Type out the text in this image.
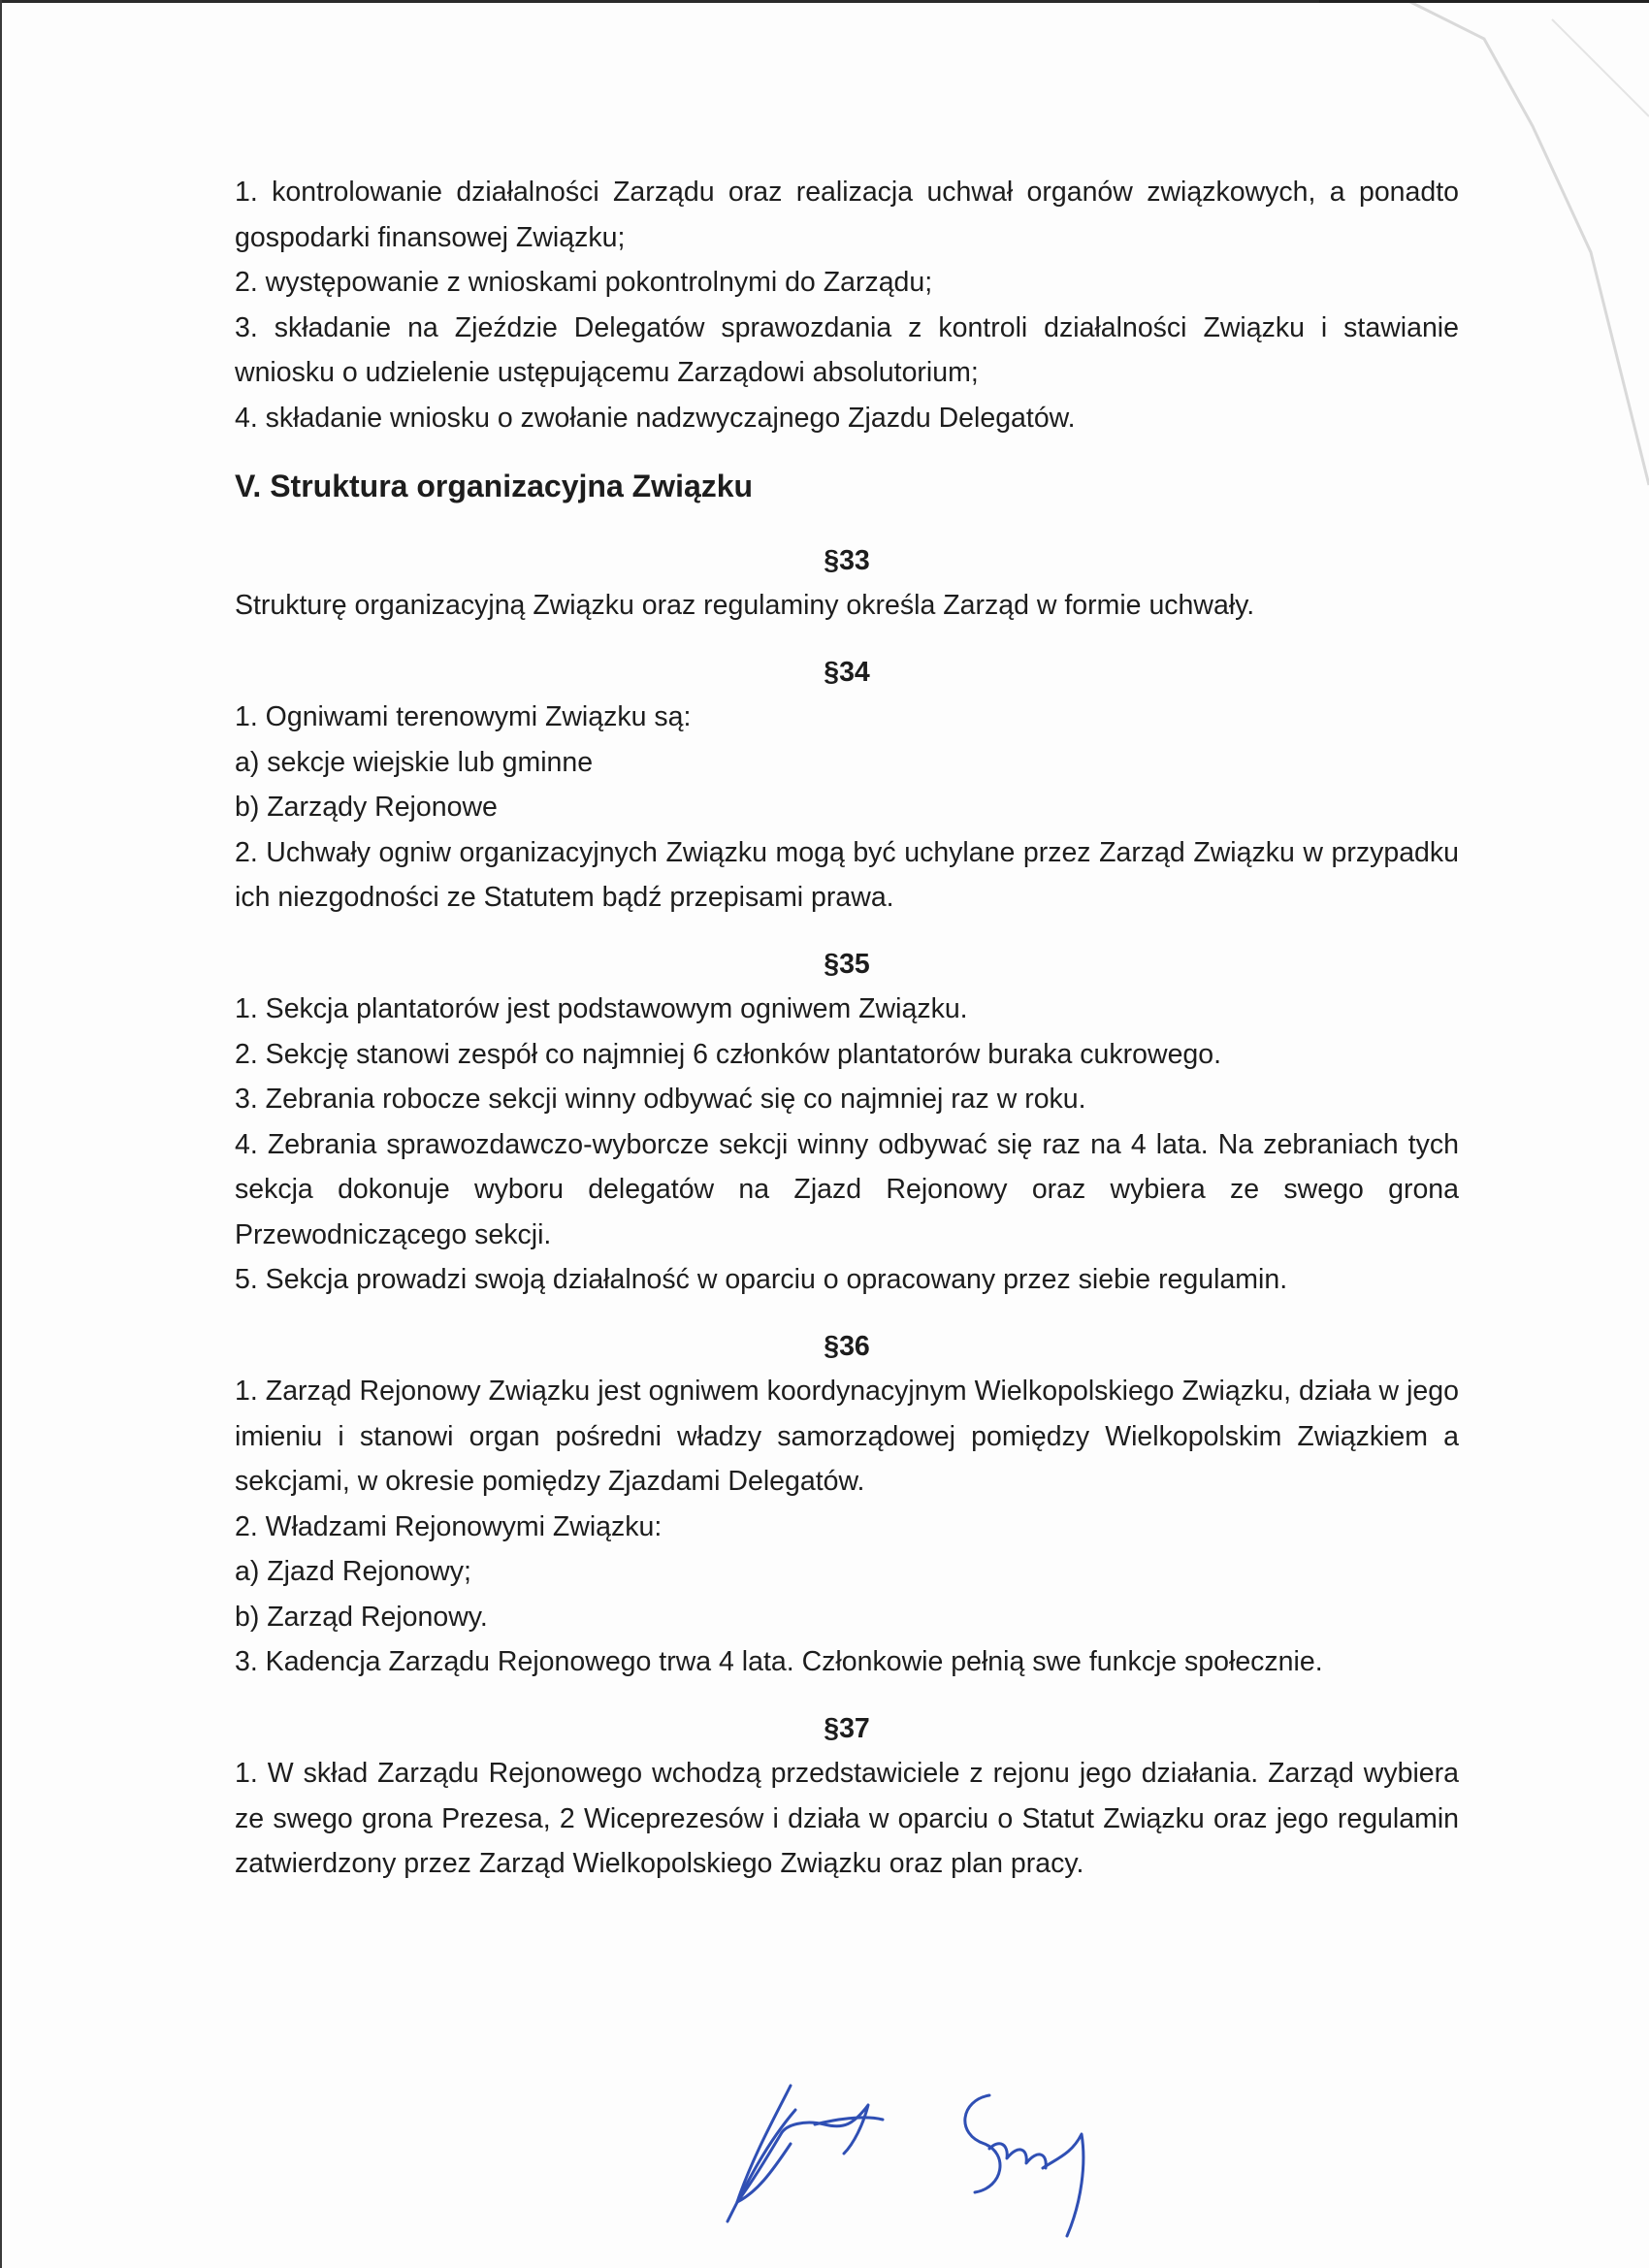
1. kontrolowanie działalności Zarządu oraz realizacja uchwał organów związkowych, a ponadto gospodarki finansowej Związku;

2. występowanie z wnioskami pokontrolnymi do Zarządu;

3. składanie na Zjeździe Delegatów sprawozdania z kontroli działalności Związku i stawianie wniosku o udzielenie ustępującemu Zarządowi absolutorium;

4. składanie wniosku o zwołanie nadzwyczajnego Zjazdu Delegatów.

V. Struktura organizacyjna Związku
§33

Strukturę organizacyjną Związku oraz regulaminy określa Zarząd w formie uchwały.

§34

1. Ogniwami terenowymi Związku są:

a) sekcje wiejskie lub gminne

b) Zarządy Rejonowe

2. Uchwały ogniw organizacyjnych Związku mogą być uchylane przez Zarząd Związku w przypadku ich niezgodności ze Statutem bądź przepisami prawa.

§35

1. Sekcja plantatorów jest podstawowym ogniwem Związku.

2. Sekcję stanowi zespół co najmniej 6 członków plantatorów buraka cukrowego.

3. Zebrania robocze sekcji winny odbywać się co najmniej raz w roku.

4. Zebrania sprawozdawczo-wyborcze sekcji winny odbywać się raz na 4 lata. Na zebraniach tych sekcja dokonuje wyboru delegatów na Zjazd Rejonowy oraz wybiera ze swego grona Przewodniczącego sekcji.

5. Sekcja prowadzi swoją działalność w oparciu o opracowany przez siebie regulamin.

§36

1. Zarząd Rejonowy Związku jest ogniwem koordynacyjnym Wielkopolskiego Związku, działa w jego imieniu i stanowi organ pośredni władzy samorządowej pomiędzy Wielkopolskim Związkiem a sekcjami, w okresie pomiędzy Zjazdami Delegatów.

2. Władzami Rejonowymi Związku:

a) Zjazd Rejonowy;

b) Zarząd Rejonowy.

3. Kadencja Zarządu Rejonowego trwa 4 lata. Członkowie pełnią swe funkcje społecznie.

§37

1. W skład Zarządu Rejonowego wchodzą przedstawiciele z rejonu jego działania. Zarząd wybiera ze swego grona Prezesa, 2 Wiceprezesów i działa w oparciu o Statut Związku oraz jego regulamin zatwierdzony przez Zarząd Wielkopolskiego Związku oraz plan pracy.
